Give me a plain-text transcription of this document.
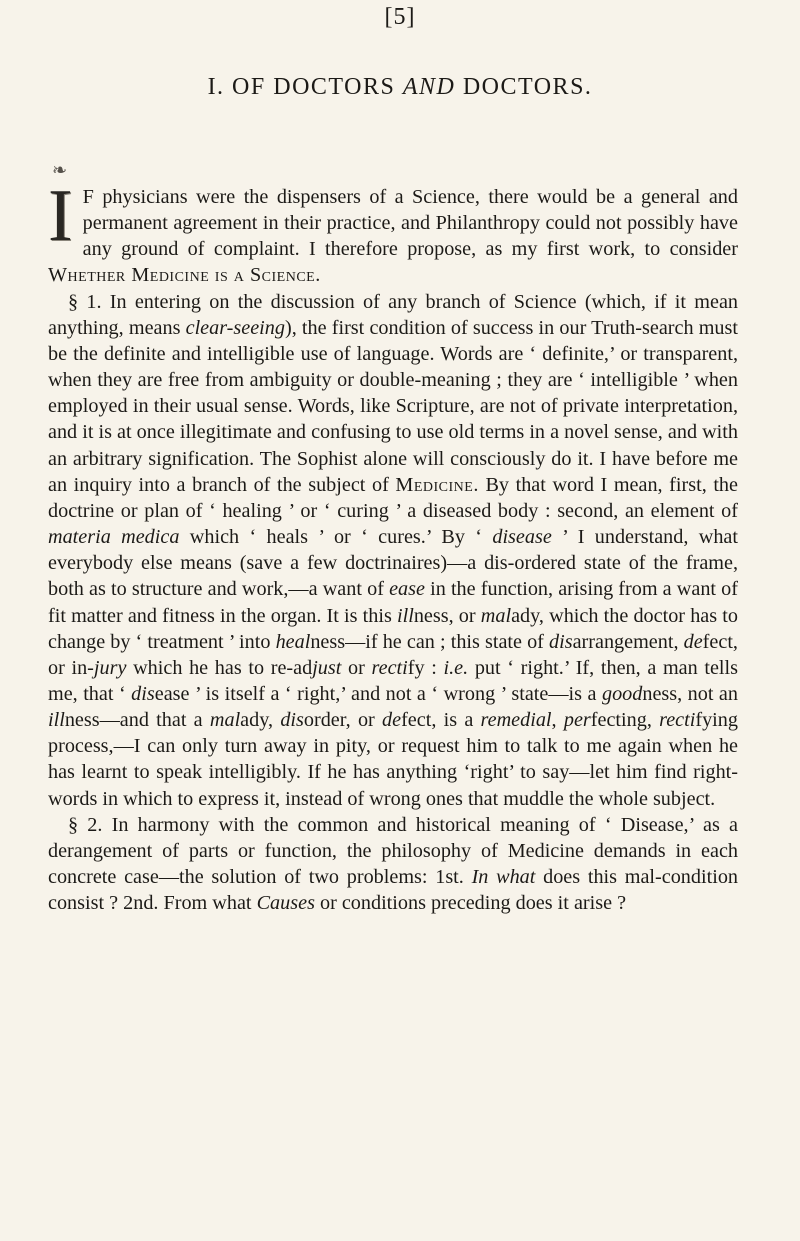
[5]
I. OF DOCTORS AND DOCTORS.
❧

I F physicians were the dispensers of a Science, there would be a general and permanent agreement in their practice, and Philanthropy could not possibly have any ground of complaint. I therefore propose, as my first work, to consider Whether Medicine is a Science.

§ 1. In entering on the discussion of any branch of Science (which, if it mean anything, means clear-seeing), the first condition of success in our Truth-search must be the definite and intelligible use of language. Words are ‘ definite,’ or transparent, when they are free from ambiguity or double-meaning ; they are ‘ intelligible ’ when employed in their usual sense. Words, like Scripture, are not of private interpretation, and it is at once illegitimate and confusing to use old terms in a novel sense, and with an arbitrary signification. The Sophist alone will consciously do it. I have before me an inquiry into a branch of the subject of Medicine. By that word I mean, first, the doctrine or plan of ‘ healing ’ or ‘ curing ’ a diseased body : second, an element of materia medica which ‘ heals ’ or ‘ cures.’ By ‘ disease ’ I understand, what everybody else means (save a few doctrinaires)—a dis-ordered state of the frame, both as to structure and work,—a want of ease in the function, arising from a want of fit matter and fitness in the organ. It is this illness, or malady, which the doctor has to change by ‘ treatment ’ into healness—if he can ; this state of disarrangement, defect, or in-jury which he has to re-adjust or rectify : i.e. put ‘ right.’ If, then, a man tells me, that ‘ disease ’ is itself a ‘ right,’ and not a ‘ wrong ’ state—is a goodness, not an illness—and that a malady, disorder, or defect, is a remedial, perfecting, rectifying process,—I can only turn away in pity, or request him to talk to me again when he has learnt to speak intelligibly. If he has anything ‘right’ to say—let him find right-words in which to express it, instead of wrong ones that muddle the whole subject.

§ 2. In harmony with the common and historical meaning of ‘ Disease,’ as a derangement of parts or function, the philosophy of Medicine demands in each concrete case—the solution of two problems: 1st. In what does this mal-condition consist ? 2nd. From what Causes or conditions preceding does it arise ?
